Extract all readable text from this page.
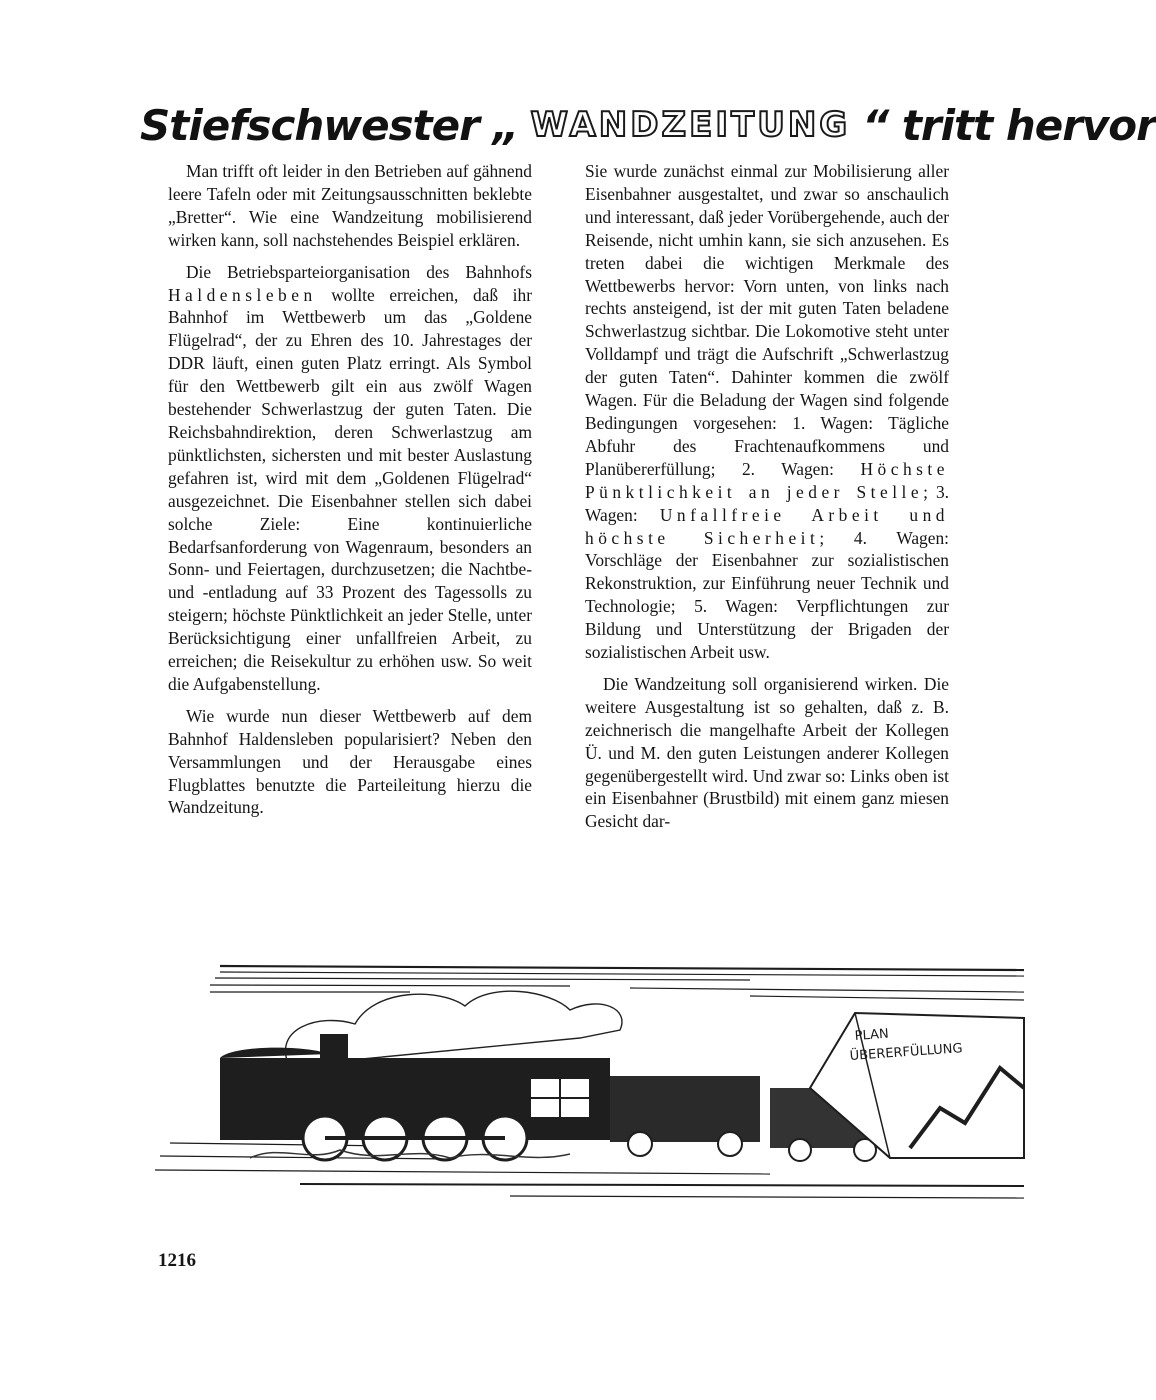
Stiefschwester „ WANDZEITUNG “ tritt hervor

Man trifft oft leider in den Betrieben auf gähnend leere Tafeln oder mit Zeitungsausschnitten beklebte „Bretter“. Wie eine Wandzeitung mobilisierend wirken kann, soll nachstehendes Beispiel erklären.

Die Betriebsparteiorganisation des Bahnhofs Haldensleben wollte erreichen, daß ihr Bahnhof im Wettbewerb um das „Goldene Flügelrad“, der zu Ehren des 10. Jahrestages der DDR läuft, einen guten Platz erringt. Als Symbol für den Wettbewerb gilt ein aus zwölf Wagen bestehender Schwerlastzug der guten Taten. Die Reichsbahndirektion, deren Schwerlastzug am pünktlichsten, sichersten und mit bester Auslastung gefahren ist, wird mit dem „Goldenen Flügelrad“ ausgezeichnet. Die Eisenbahner stellen sich dabei solche Ziele: Eine kontinuierliche Bedarfsanforderung von Wagenraum, besonders an Sonn- und Feiertagen, durchzusetzen; die Nachtbe- und -entladung auf 33 Prozent des Tagessolls zu steigern; höchste Pünktlichkeit an jeder Stelle, unter Berücksichtigung einer unfallfreien Arbeit, zu erreichen; die Reisekultur zu erhöhen usw. So weit die Aufgabenstellung.

Wie wurde nun dieser Wettbewerb auf dem Bahnhof Haldensleben popularisiert? Neben den Versammlungen und der Herausgabe eines Flugblattes benutzte die Parteileitung hierzu die Wandzeitung.

Sie wurde zunächst einmal zur Mobilisierung aller Eisenbahner ausgestaltet, und zwar so anschaulich und interessant, daß jeder Vorübergehende, auch der Reisende, nicht umhin kann, sie sich anzusehen. Es treten dabei die wichtigen Merkmale des Wettbewerbs hervor: Vorn unten, von links nach rechts ansteigend, ist der mit guten Taten beladene Schwerlastzug sichtbar. Die Lokomotive steht unter Volldampf und trägt die Aufschrift „Schwerlastzug der guten Taten“. Dahinter kommen die zwölf Wagen. Für die Beladung der Wagen sind folgende Bedingungen vorgesehen: 1. Wagen: Tägliche Abfuhr des Frachtenaufkommens und Planübererfüllung; 2. Wagen: Höchste Pünktlichkeit an jeder Stelle; 3. Wagen: Unfallfreie Arbeit und höchste Sicherheit; 4. Wagen: Vorschläge der Eisenbahner zur sozialistischen Rekonstruktion, zur Einführung neuer Technik und Technologie; 5. Wagen: Verpflichtungen zur Bildung und Unterstützung der Brigaden der sozialistischen Arbeit usw.

Die Wandzeitung soll organisierend wirken. Die weitere Ausgestaltung ist so gehalten, daß z. B. zeichnerisch die mangelhafte Arbeit der Kollegen Ü. und M. den guten Leistungen anderer Kollegen gegenübergestellt wird. Und zwar so: Links oben ist ein Eisenbahner (Brustbild) mit einem ganz miesen Gesicht dar-

PLAN
ÜBERERFÜLLUNG
1216
